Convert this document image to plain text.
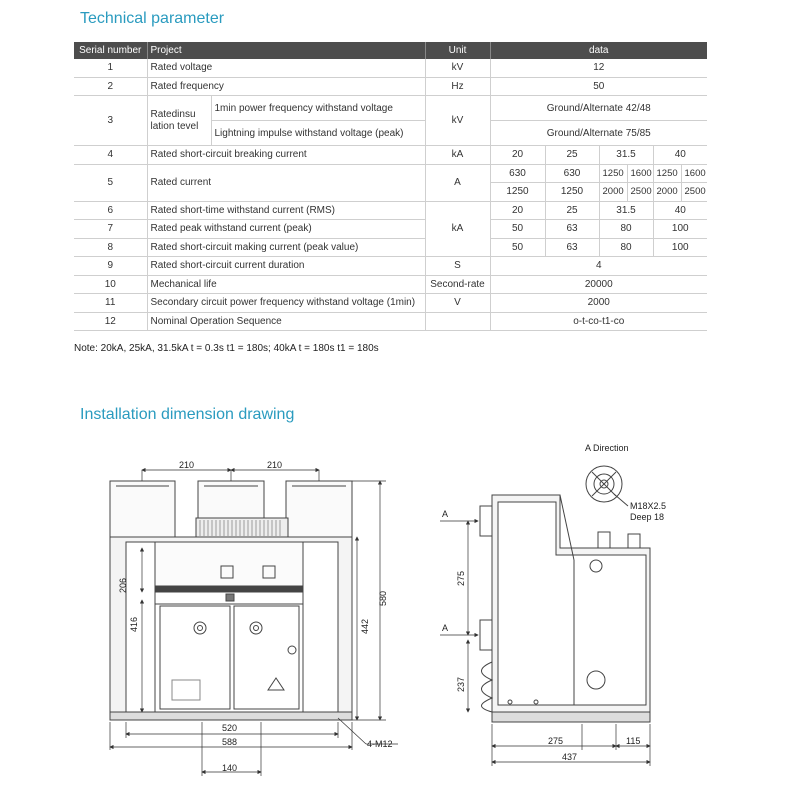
Technical parameter
Serial number	Project		Unit	data					
1	Rated voltage		kV	12					
2	Rated frequency		Hz	50					
3	Ratedinsu lation tevel	1min power frequency withstand voltage	kV	Ground/Alternate 42/48					
		Lightning impulse withstand voltage (peak)		Ground/Alternate 75/85					
4	Rated short-circuit breaking current		kA	20	25	31.5		40	
5	Rated current		A	630	630	1250	1600	1250	1600
				1250	1250	2000	2500	2000	2500
6	Rated short-time withstand current (RMS)		kA	20	25	31.5		40	
7	Rated peak withstand current (peak)			50	63	80		100	
8	Rated short-circuit making current (peak value)			50	63	80		100	
9	Rated short-circuit current duration		S	4					
10	Mechanical life		Second-rate	20000					
11	Secondary circuit power frequency withstand voltage (1min)		V	2000					
12	Nominal Operation Sequence			o-t-co-t1-co					
Note: 20kA, 25kA, 31.5kA t = 0.3s t1 = 180s; 40kA t = 180s t1 = 180s
Installation dimension drawing
210	210
206
416	442
580
520
588
140
4-M12
A Direction
M18X2.5
Deep 18
A
A
275
237
275	115
437
